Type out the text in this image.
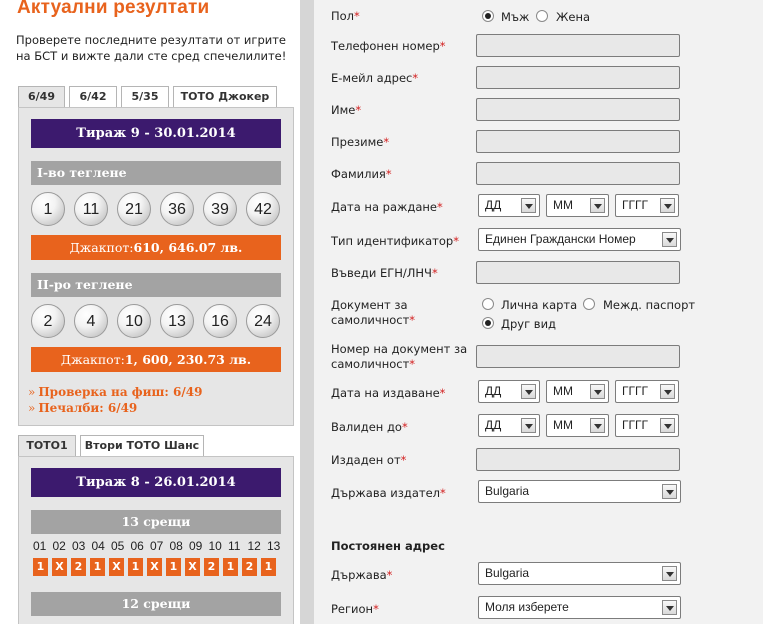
Актуални резултати
Проверете последните резултати от игрите на БСТ и вижте дали сте сред спечелилите!
6/49	6/42	5/35	ТОТО Джокер
Тираж 9 - 30.01.2014
I-во теглене
1	11	21	36	39	42
Джакпот:610, 646.07 лв.
II-ро теглене
2	4	10	13	16	24
Джакпот:1, 600, 230.73 лв.
» Проверка на фиш: 6/49
» Печалби: 6/49
ТОТО1	Втори ТОТО Шанс
Тираж 8 - 26.01.2014
13 срещи
01 02 03 04 05 06 07 08 09 10 11 12 13
1 X 2	1 X 1 X 1 X 2	1	2	1
12 срещи
Пол*	Мъж Жена
Телефонен номер*
Е-мейл адрес*
Име*
Презиме*
Фамилия*
Дата на раждане*	ДД	ММ	ГГГГ
Тип идентификатор*	Единен Граждански Номер
Въведи ЕГН/ЛНЧ*
Документ за
самоличност*
Лична карта Межд. паспорт
Друг вид
Номер на документ за
самоличност*
Дата на издаване*	ДД	ММ	ГГГГ
Валиден до*	ДД	ММ	ГГГГ
Издаден от*
Държава издател*	Bulgaria
Постоянен адрес
Държава*	Bulgaria
Регион*	Моля изберете
